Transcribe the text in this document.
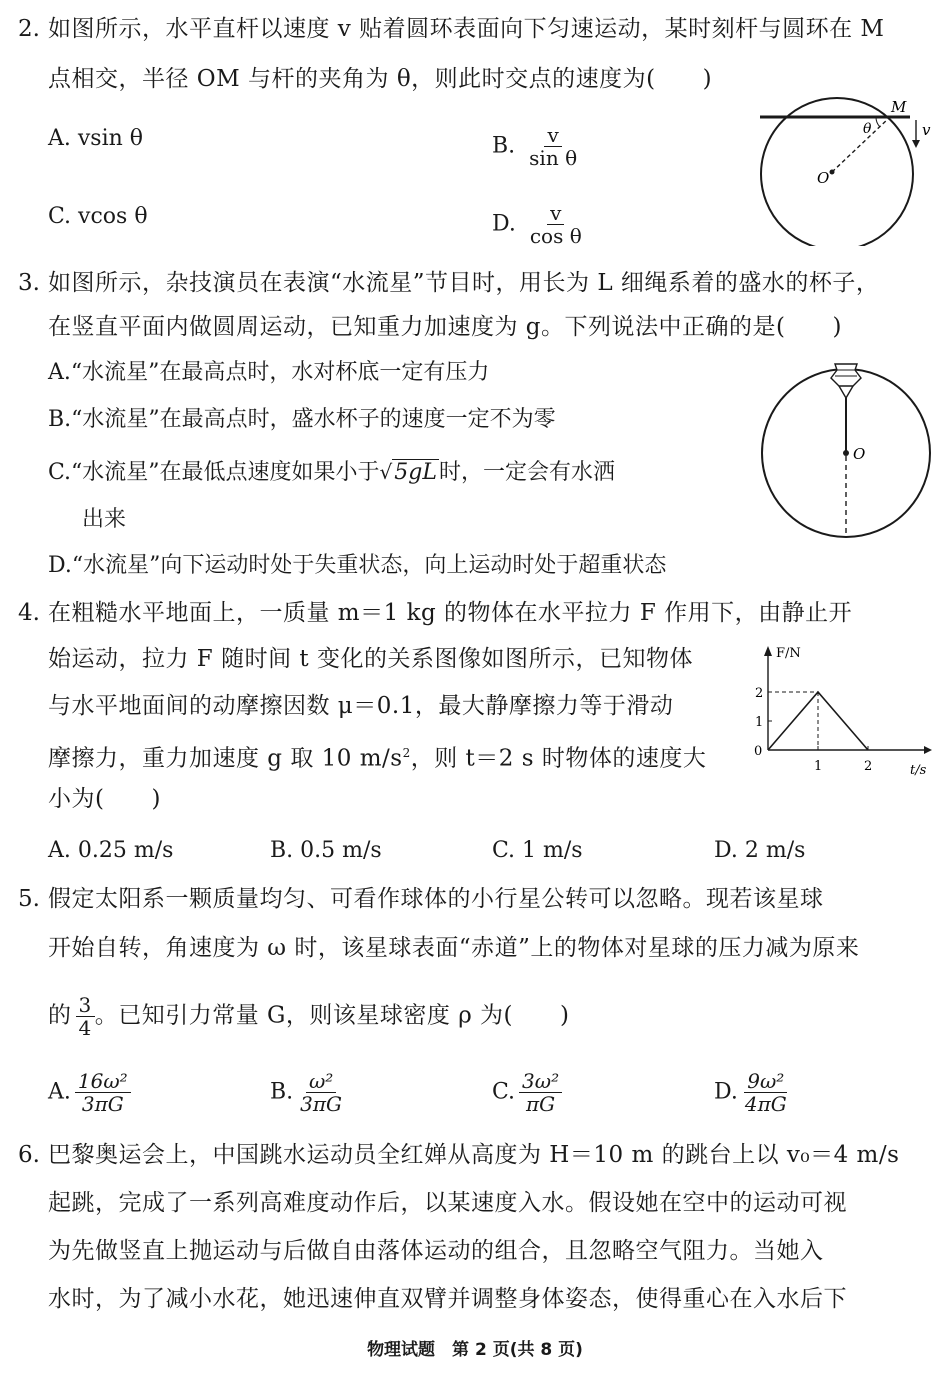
2. 如图所示，水平直杆以速度 v 贴着圆环表面向下匀速运动，某时刻杆与圆环在 M
点相交，半径 OM 与杆的夹角为 θ，则此时交点的速度为(　　)
A. vsin θ	B. $\frac{v}{\text{sin θ}}$
C. vcos θ	D. $\frac{v}{\text{cos θ}}$
M
θ	v
O
3. 如图所示，杂技演员在表演“水流星”节目时，用长为 L 细绳系着的盛水的杯子，
在竖直平面内做圆周运动，已知重力加速度为 g。下列说法中正确的是(　　)
A.“水流星”在最高点时，水对杯底一定有压力
B.“水流星”在最高点时，盛水杯子的速度一定不为零
C.“水流星”在最低点速度如果小于√5gL时，一定会有水洒
出来
D.“水流星”向下运动时处于失重状态，向上运动时处于超重状态
O
4. 在粗糙水平地面上，一质量 m＝1 kg 的物体在水平拉力 F 作用下，由静止开
始运动，拉力 F 随时间 t 变化的关系图像如图所示，已知物体
与水平地面间的动摩擦因数 μ＝0.1，最大静摩擦力等于滑动
摩擦力，重力加速度 g 取 10 $m/s^2$，则 t＝2 s 时物体的速度大
小为(　　)
A. 0.25 m/s	B. 0.5 m/s	C. 1 m/s	D. 2 m/s
F/N
t/s
0
1	2
1
2
5. 假定太阳系一颗质量均匀、可看作球体的小行星公转可以忽略。现若该星球
开始自转，角速度为 ω 时，该星球表面“赤道”上的物体对星球的压力减为原来
的 $\frac{3}{4}$ 。已知引力常量 G，则该星球密度 ρ 为(　　)
A. $\frac{\text{16ω²}}{3\pi G}$	B. $\frac{\text{ω²}}{3\pi G}$	C. $\frac{\text{3ω²}}{\pi G}$	D. $\frac{\text{9ω²}}{4\pi G}$
6. 巴黎奥运会上，中国跳水运动员全红婵从高度为 H＝10 m 的跳台上以 v₀＝4 m/s
起跳，完成了一系列高难度动作后，以某速度入水。假设她在空中的运动可视
为先做竖直上抛运动与后做自由落体运动的组合，且忽略空气阻力。当她入
水时，为了减小水花，她迅速伸直双臂并调整身体姿态，使得重心在入水后下
物理试题　第 2 页(共 8 页)
